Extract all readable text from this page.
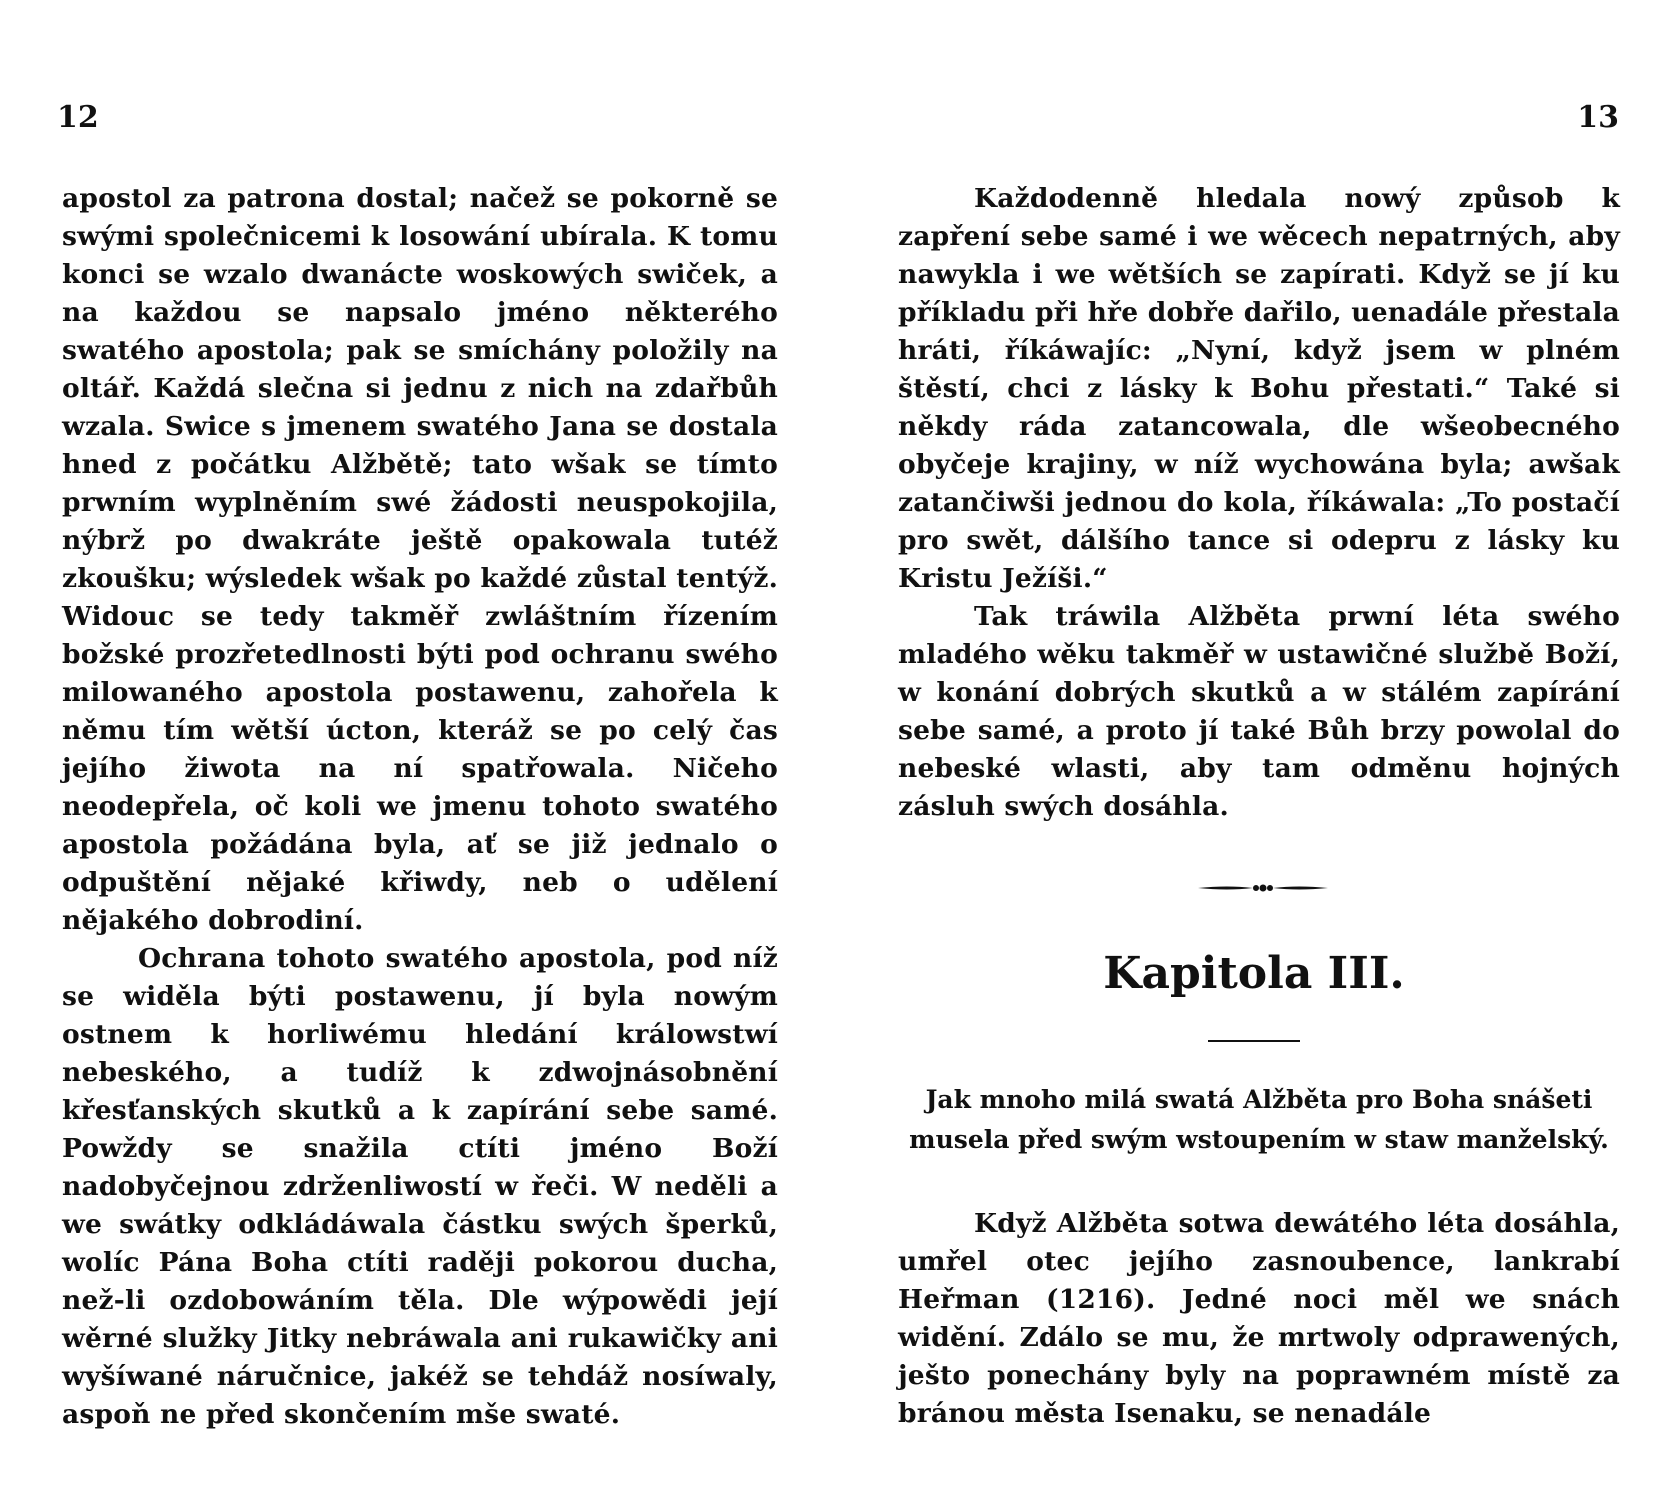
12

apostol za patrona dostal; načež se pokorně se swými společnicemi k losowání ubírala. K tomu konci se wzalo dwanácte woskowých swiček, a na každou se napsalo jméno některého swatého apostola; pak se smíchány položily na oltář. Každá slečna si jednu z nich na zdařbůh wzala. Swice s jmenem swatého Jana se dostala hned z počátku Alžbětě; tato wšak se tímto prwním wyplněním swé žádosti neuspokojila, nýbrž po dwakráte ještě opakowala tutéž zkoušku; wýsledek wšak po každé zůstal tentýž. Widouc se tedy takměř zwláštním řízením božské prozřetedlnosti býti pod ochranu swého milowaného apostola postawenu, zahořela k němu tím wětší úcton, kteráž se po celý čas jejího žiwota na ní spatřowala. Ničeho neodepřela, oč koli we jmenu tohoto swatého apostola požádána byla, ať se již jednalo o odpuštění nějaké křiwdy, neb o udělení nějakého dobrodiní.

Ochrana tohoto swatého apostola, pod níž se widěla býti postawenu, jí byla nowým ostnem k horliwému hledání králowstwí nebeského, a tudíž k zdwojnásobnění křesťanských skutků a k zapírání sebe samé. Powždy se snažila ctíti jméno Boží nadobyčejnou zdrženliwostí w řeči. W neděli a we swátky odkládáwala částku swých šperků, wolíc Pána Boha ctíti raději pokorou ducha, než-li ozdobowáním těla. Dle wýpowědi její wěrné služky Jitky nebráwala ani rukawičky ani wyšíwané náručnice, jakéž se tehdáž nosíwaly, aspoň ne před skončením mše swaté.

13

Každodenně hledala nowý způsob k zapření sebe samé i we wěcech nepatrných, aby nawykla i we wětších se zapírati. Když se jí ku příkladu při hře dobře dařilo, uenadále přestala hráti, říkáwajíc: „Nyní, když jsem w plném štěstí, chci z lásky k Bohu přestati.“ Také si někdy ráda zatancowala, dle wšeobecného obyčeje krajiny, w níž wychowána byla; awšak zatančiwši jednou do kola, říkáwala: „To postačí pro swět, dálšího tance si odepru z lásky ku Kristu Ježíši.“

Tak tráwila Alžběta prwní léta swého mladého wěku takměř w ustawičné službě Boží, w konání dobrých skutků a w stálém zapírání sebe samé, a proto jí také Bůh brzy powolal do nebeské wlasti, aby tam odměnu hojných zásluh swých dosáhla.

Kapitola III.
Jak mnoho milá swatá Alžběta pro Boha snášeti musela před swým wstoupením w staw manželský.

Když Alžběta sotwa dewátého léta dosáhla, umřel otec jejího zasnoubence, lankrabí Heřman (1216). Jedné noci měl we snách widění. Zdálo se mu, že mrtwoly odprawených, ješto ponechány byly na poprawném místě za bránou města Isenaku, se nenadále
